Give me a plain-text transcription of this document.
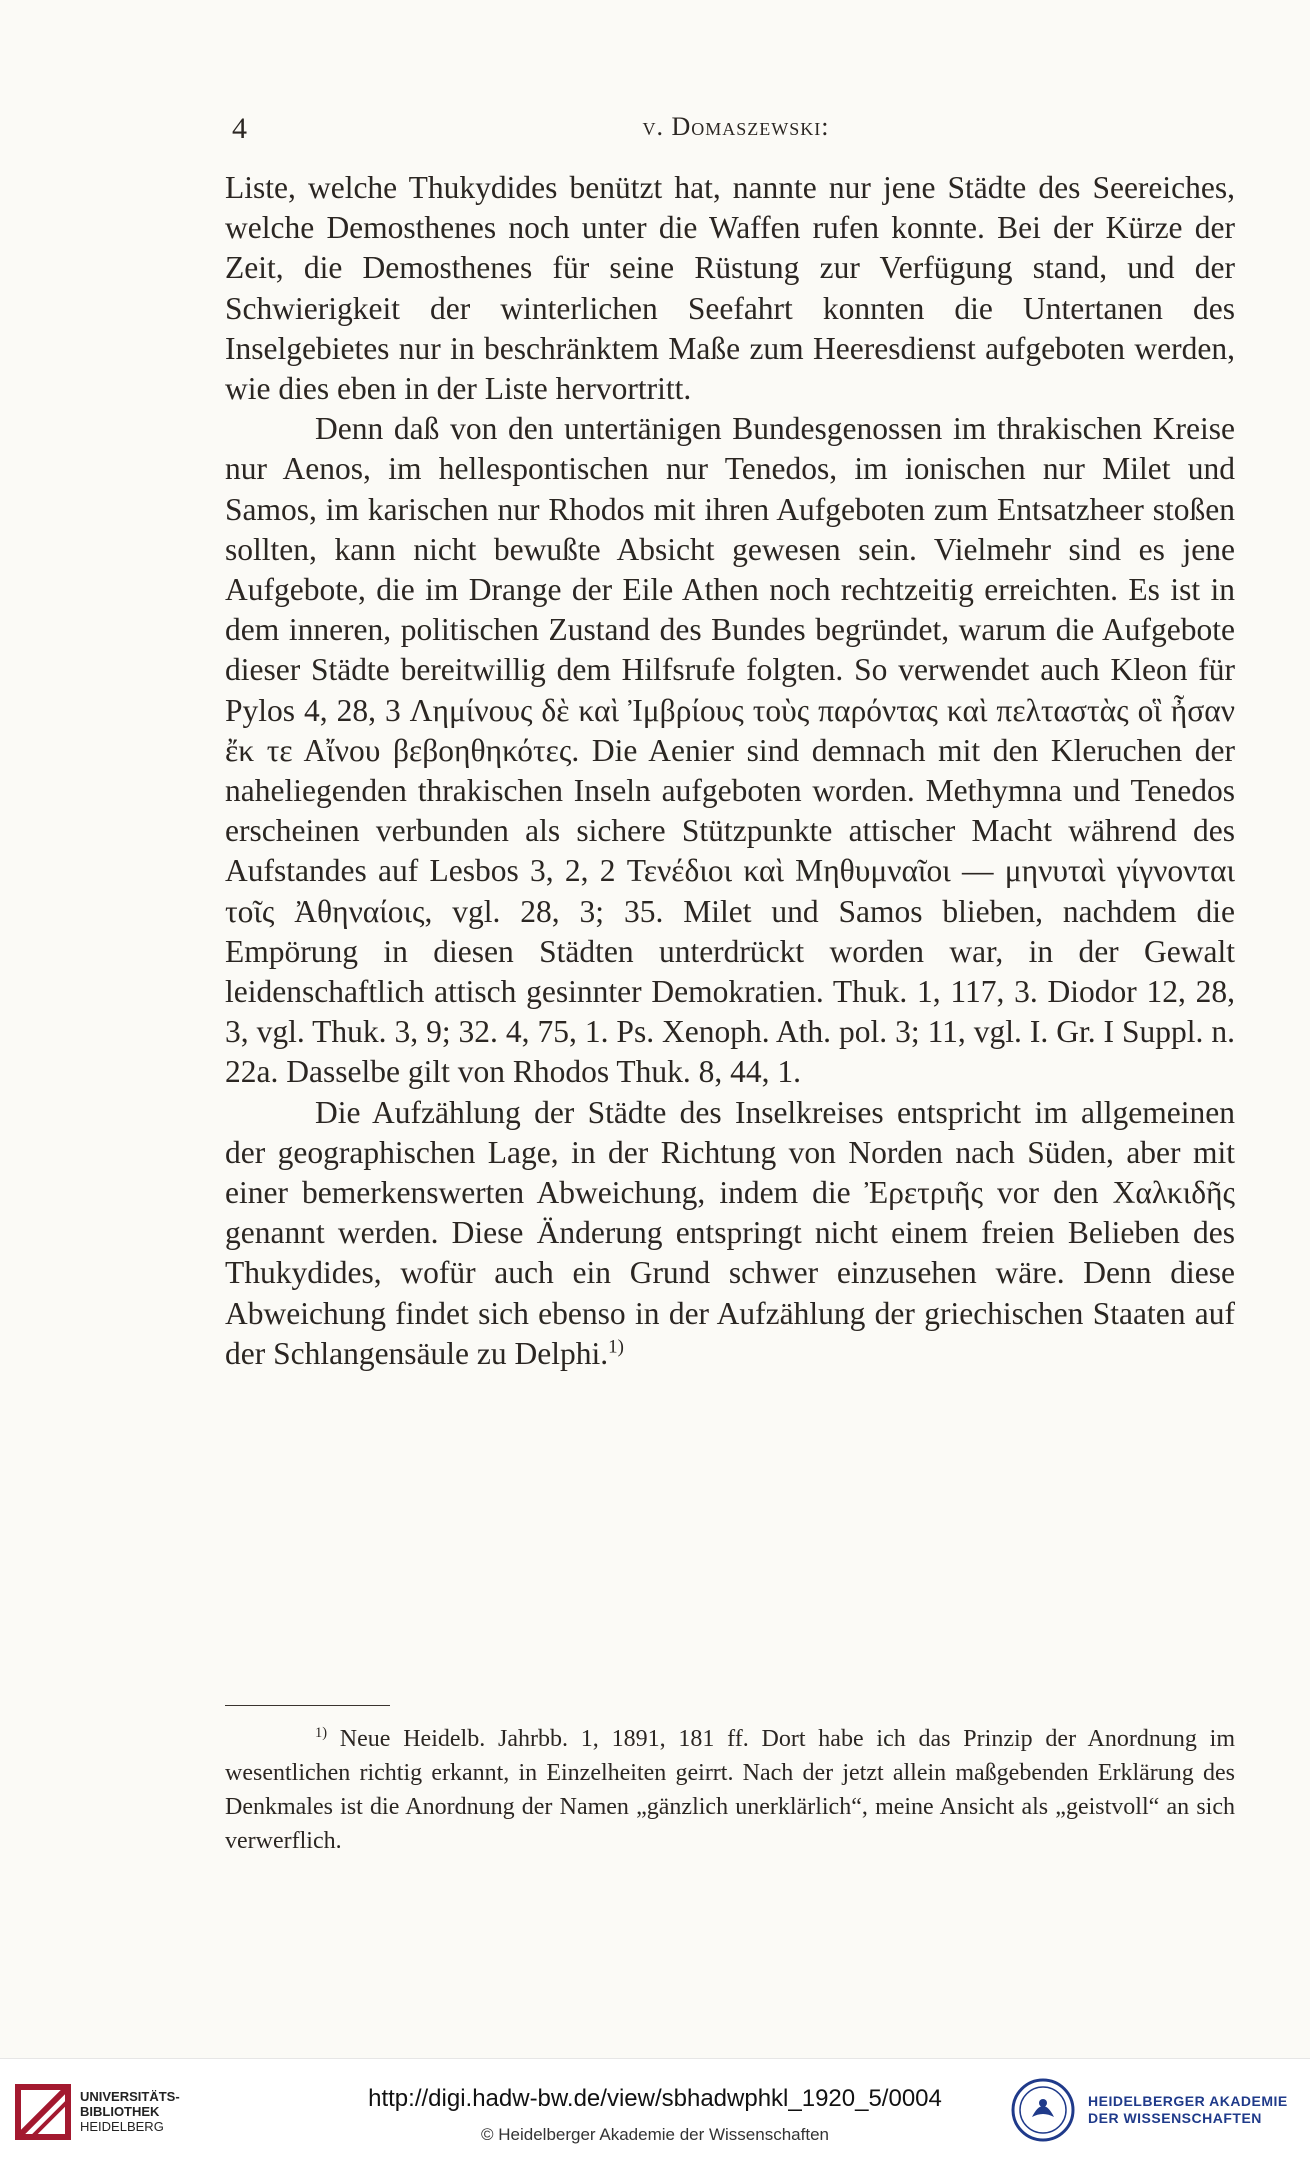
4	v. Domaszewski:

Liste, welche Thukydides benützt hat, nannte nur jene Städte des Seereiches, welche Demosthenes noch unter die Waffen rufen konnte. Bei der Kürze der Zeit, die Demosthenes für seine Rüstung zur Verfügung stand, und der Schwierigkeit der winterlichen Seefahrt konnten die Untertanen des Inselgebietes nur in beschränktem Maße zum Heeresdienst aufgeboten werden, wie dies eben in der Liste hervortritt.

Denn daß von den untertänigen Bundesgenossen im thrakischen Kreise nur Aenos, im hellespontischen nur Tenedos, im ionischen nur Milet und Samos, im karischen nur Rhodos mit ihren Aufgeboten zum Entsatzheer stoßen sollten, kann nicht bewußte Absicht gewesen sein. Vielmehr sind es jene Aufgebote, die im Drange der Eile Athen noch rechtzeitig erreichten. Es ist in dem inneren, politischen Zustand des Bundes begründet, warum die Aufgebote dieser Städte bereitwillig dem Hilfsrufe folgten. So verwendet auch Kleon für Pylos 4, 28, 3 Λημίνους δὲ καὶ Ἰμβρίους τοὺς παρόντας καὶ πελταστὰς οἳ ἦσαν ἔκ τε Αἴνου βεβοηθηκότες. Die Aenier sind demnach mit den Kleruchen der naheliegenden thrakischen Inseln aufgeboten worden. Methymna und Tenedos erscheinen verbunden als sichere Stützpunkte attischer Macht während des Aufstandes auf Lesbos 3, 2, 2 Τενέδιοι καὶ Μηθυμναῖοι — μηνυταὶ γίγνονται τοῖς Ἀθηναίοις, vgl. 28, 3; 35. Milet und Samos blieben, nachdem die Empörung in diesen Städten unterdrückt worden war, in der Gewalt leidenschaftlich attisch gesinnter Demokratien. Thuk. 1, 117, 3. Diodor 12, 28, 3, vgl. Thuk. 3, 9; 32. 4, 75, 1. Ps. Xenoph. Ath. pol. 3; 11, vgl. I. Gr. I Suppl. n. 22a. Dasselbe gilt von Rhodos Thuk. 8, 44, 1.

Die Aufzählung der Städte des Inselkreises entspricht im allgemeinen der geographischen Lage, in der Richtung von Norden nach Süden, aber mit einer bemerkenswerten Abweichung, indem die Ἐρετριῆς vor den Χαλκιδῆς genannt werden. Diese Änderung entspringt nicht einem freien Belieben des Thukydides, wofür auch ein Grund schwer einzusehen wäre. Denn diese Abweichung findet sich ebenso in der Aufzählung der griechischen Staaten auf der Schlangensäule zu Delphi.$^{1)}$

$^{1)}$ Neue Heidelb. Jahrbb. 1, 1891, 181 ff. Dort habe ich das Prinzip der Anordnung im wesentlichen richtig erkannt, in Einzelheiten geirrt. Nach der jetzt allein maßgebenden Erklärung des Denkmales ist die Anordnung der Namen „gänzlich unerklärlich“, meine Ansicht als „geistvoll“ an sich verwerflich.

UNIVERSITÄTS-
BIBLIOTHEK
HEIDELBERG
http://digi.hadw-bw.de/view/sbhadwphkl_1920_5/0004
© Heidelberger Akademie der Wissenschaften
HEIDELBERGER AKADEMIE
DER WISSENSCHAFTEN
